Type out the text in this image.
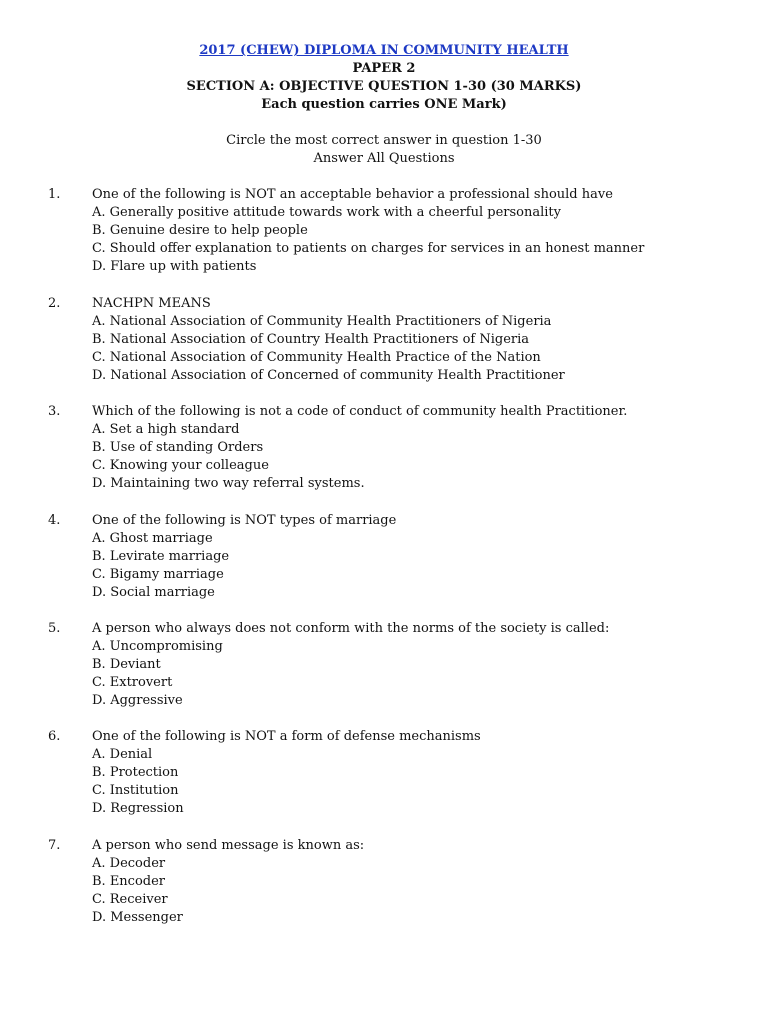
2017 (CHEW) DIPLOMA IN COMMUNITY HEALTH
PAPER 2
SECTION A: OBJECTIVE QUESTION 1-30 (30 MARKS)
Each question carries ONE Mark)
Circle the most correct answer in question 1-30
Answer All Questions
1. One of the following is NOT an acceptable behavior a professional should have
A. Generally positive attitude towards work with a cheerful personality
B. Genuine desire to help people
C. Should offer explanation to patients on charges for services in an honest manner
D. Flare up with patients
2. NACHPN MEANS
A. National Association of Community Health Practitioners of Nigeria
B. National Association of Country Health Practitioners of Nigeria
C. National Association of Community Health Practice of the Nation
D. National Association of Concerned of community Health Practitioner
3. Which of the following is not a code of conduct of community health Practitioner.
A. Set a high standard
B. Use of standing Orders
C. Knowing your colleague
D. Maintaining two way referral systems.
4. One of the following is NOT types of marriage
A. Ghost marriage
B. Levirate marriage
C. Bigamy marriage
D. Social marriage
5. A person who always does not conform with the norms of the society is called:
A. Uncompromising
B. Deviant
C. Extrovert
D. Aggressive
6. One of the following is NOT a form of defense mechanisms
A. Denial
B. Protection
C. Institution
D. Regression
7. A person who send message is known as:
A. Decoder
B. Encoder
C. Receiver
D. Messenger
